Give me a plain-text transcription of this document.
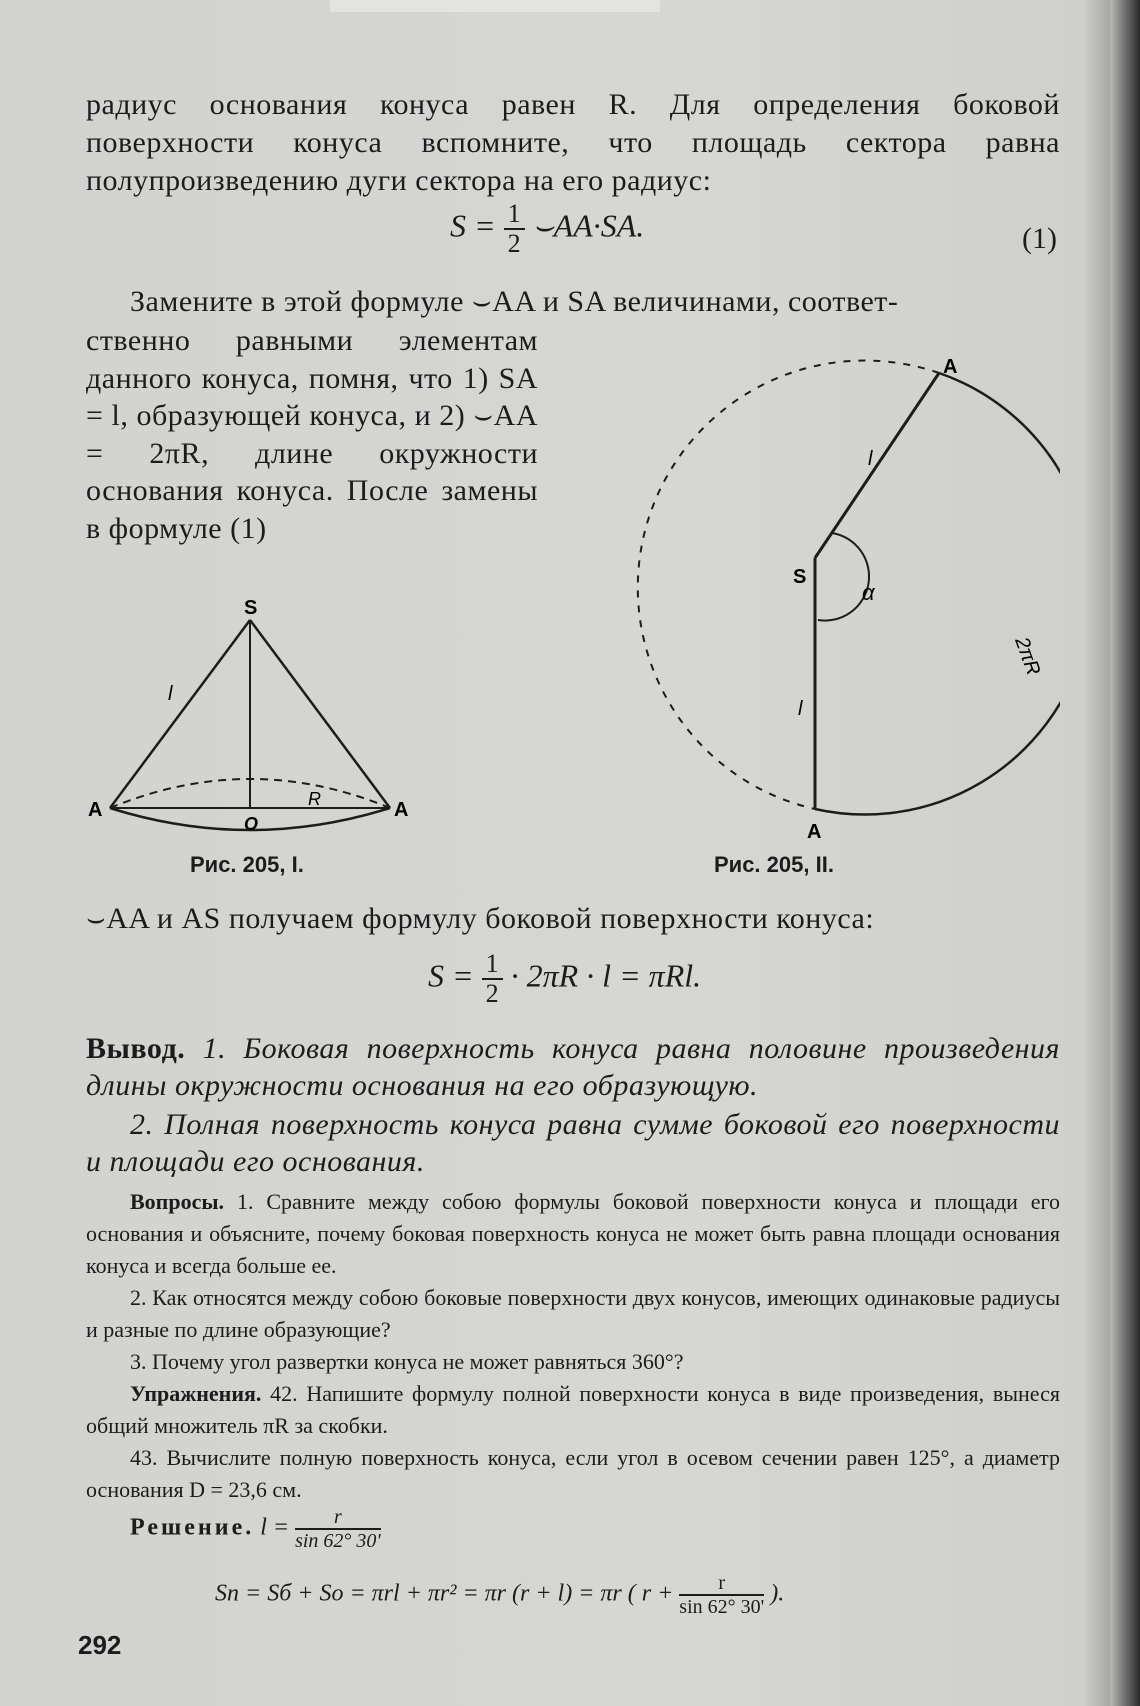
радиус основания конуса равен R. Для определения боковой поверхности конуса вспомните, что площадь сектора равна полупроизведению дуги сектора на его радиус:
$S = \frac{1}{2}$ ⌣AA·SA.	(1)
Замените в этой формуле ⌣AA и SA величинами, соответ-
ственно равными элементам данного конуса, помня, что 1) SA = l, образующей конуса, и 2) ⌣AA = 2πR, длине окружности основания конуса. После замены в формуле (1)
S
l
A	A
O
R
Рис. 205, I.
S
A
A
l
l
α
2πR
Рис. 205, II.
⌣AA и AS получаем формулу боковой поверхности конуса:
$S = \frac{1}{2} \cdot 2\pi R \cdot l = \pi Rl$.
Вывод. 1. Боковая поверхность конуса равна половине произведения длины окружности основания на его образующую.
2. Полная поверхность конуса равна сумме боковой его поверхности и площади его основания.
Вопросы. 1. Сравните между собою формулы боковой поверхности конуса и площади его основания и объясните, почему боковая поверхность конуса не может быть равна площади основания конуса и всегда больше ее.
2. Как относятся между собою боковые поверхности двух конусов, имеющих одинаковые радиусы и разные по длине образующие?
3. Почему угол развертки конуса не может равняться 360°?
Упражнения. 42. Напишите формулу полной поверхности конуса в виде произведения, вынеся общий множитель πR за скобки.
43. Вычислите полную поверхность конуса, если угол в осевом сечении равен 125°, а диаметр основания D = 23,6 см.
Решение. $l = \frac{r}{\sin 62^\circ 30'}$
Sп = Sб + Sо = πrl + πr² = πr (r + l) = πr ( $r + \frac{r}{\sin 62^\circ 30'}$ ).
292
